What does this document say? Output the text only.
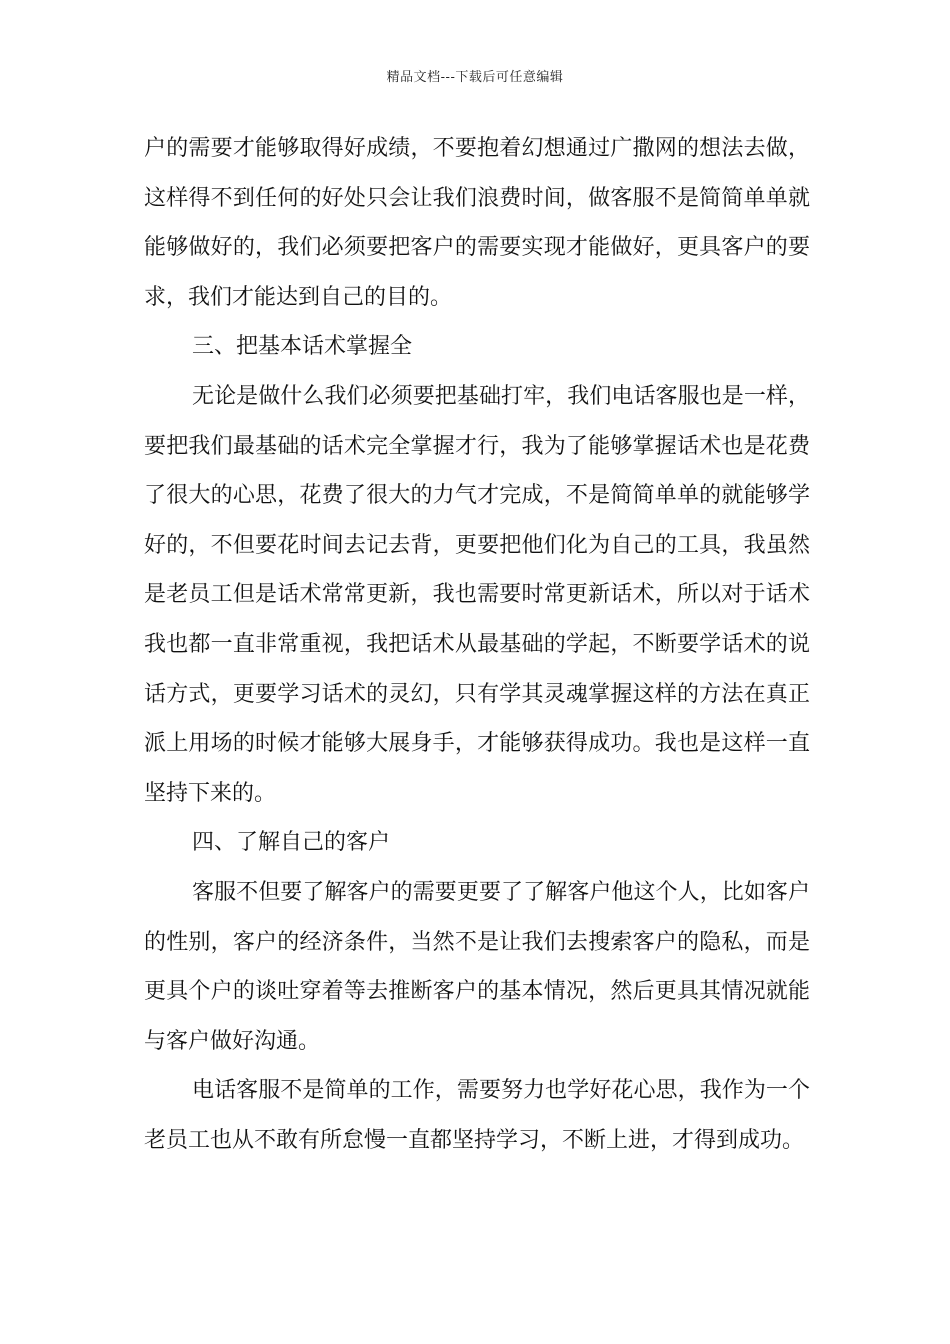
精品文档---下载后可任意编辑

户的需要才能够取得好成绩，不要抱着幻想通过广撒网的想法去做，这样得不到任何的好处只会让我们浪费时间，做客服不是简简单单就能够做好的，我们必须要把客户的需要实现才能做好，更具客户的要求，我们才能达到自己的目的。

三、把基本话术掌握全

无论是做什么我们必须要把基础打牢，我们电话客服也是一样，要把我们最基础的话术完全掌握才行，我为了能够掌握话术也是花费了很大的心思，花费了很大的力气才完成，不是简简单单的就能够学好的，不但要花时间去记去背，更要把他们化为自己的工具，我虽然是老员工但是话术常常更新，我也需要时常更新话术，所以对于话术我也都一直非常重视，我把话术从最基础的学起，不断要学话术的说话方式，更要学习话术的灵幻，只有学其灵魂掌握这样的方法在真正派上用场的时候才能够大展身手，才能够获得成功。我也是这样一直坚持下来的。

四、了解自己的客户

客服不但要了解客户的需要更要了了解客户他这个人，比如客户的性别，客户的经济条件，当然不是让我们去搜索客户的隐私，而是更具个户的谈吐穿着等去推断客户的基本情况，然后更具其情况就能与客户做好沟通。

电话客服不是简单的工作，需要努力也学好花心思，我作为一个老员工也从不敢有所怠慢一直都坚持学习，不断上进，才得到成功。
